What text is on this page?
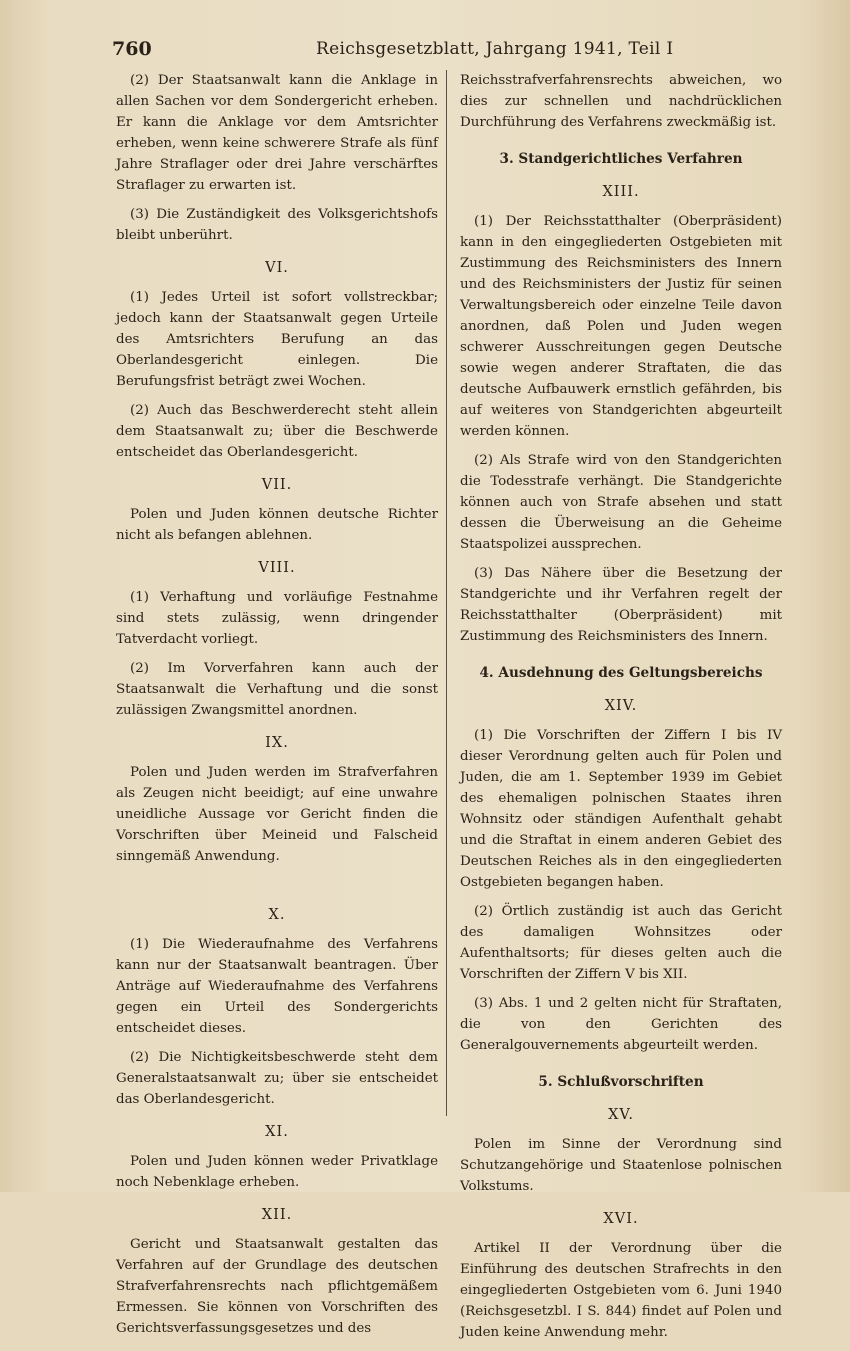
760	Reichsgesetzblatt, Jahrgang 1941, Teil I

(2) Der Staatsanwalt kann die Anklage in allen Sachen vor dem Sondergericht erheben. Er kann die Anklage vor dem Amtsrichter erheben, wenn keine schwerere Strafe als fünf Jahre Straflager oder drei Jahre verschärftes Straflager zu erwarten ist.

(3) Die Zuständigkeit des Volksgerichtshofs bleibt unberührt.

VI.

(1) Jedes Urteil ist sofort vollstreckbar; jedoch kann der Staatsanwalt gegen Urteile des Amtsrichters Berufung an das Oberlandesgericht einlegen. Die Berufungsfrist beträgt zwei Wochen.

(2) Auch das Beschwerderecht steht allein dem Staatsanwalt zu; über die Beschwerde entscheidet das Oberlandesgericht.

VII.

Polen und Juden können deutsche Richter nicht als befangen ablehnen.

VIII.

(1) Verhaftung und vorläufige Festnahme sind stets zulässig, wenn dringender Tatverdacht vorliegt.

(2) Im Vorverfahren kann auch der Staatsanwalt die Verhaftung und die sonst zulässigen Zwangsmittel anordnen.

IX.

Polen und Juden werden im Strafverfahren als Zeugen nicht beeidigt; auf eine unwahre uneidliche Aussage vor Gericht finden die Vorschriften über Meineid und Falscheid sinngemäß Anwendung.

X.

(1) Die Wiederaufnahme des Verfahrens kann nur der Staatsanwalt beantragen. Über Anträge auf Wiederaufnahme des Verfahrens gegen ein Urteil des Sondergerichts entscheidet dieses.

(2) Die Nichtigkeitsbeschwerde steht dem Generalstaatsanwalt zu; über sie entscheidet das Oberlandesgericht.

XI.

Polen und Juden können weder Privatklage noch Nebenklage erheben.

XII.

Gericht und Staatsanwalt gestalten das Verfahren auf der Grundlage des deutschen Strafverfahrensrechts nach pflichtgemäßem Ermessen. Sie können von Vorschriften des Gerichtsverfassungsgesetzes und des

Reichsstrafverfahrensrechts abweichen, wo dies zur schnellen und nachdrücklichen Durchführung des Verfahrens zweckmäßig ist.

3. Standgerichtliches Verfahren
XIII.

(1) Der Reichsstatthalter (Oberpräsident) kann in den eingegliederten Ostgebieten mit Zustimmung des Reichsministers des Innern und des Reichsministers der Justiz für seinen Verwaltungsbereich oder einzelne Teile davon anordnen, daß Polen und Juden wegen schwerer Ausschreitungen gegen Deutsche sowie wegen anderer Straftaten, die das deutsche Aufbauwerk ernstlich gefährden, bis auf weiteres von Standgerichten abgeurteilt werden können.

(2) Als Strafe wird von den Standgerichten die Todesstrafe verhängt. Die Standgerichte können auch von Strafe absehen und statt dessen die Überweisung an die Geheime Staatspolizei aussprechen.

(3) Das Nähere über die Besetzung der Standgerichte und ihr Verfahren regelt der Reichsstatthalter (Oberpräsident) mit Zustimmung des Reichsministers des Innern.

4. Ausdehnung des Geltungsbereichs
XIV.

(1) Die Vorschriften der Ziffern I bis IV dieser Verordnung gelten auch für Polen und Juden, die am 1. September 1939 im Gebiet des ehemaligen polnischen Staates ihren Wohnsitz oder ständigen Aufenthalt gehabt und die Straftat in einem anderen Gebiet des Deutschen Reiches als in den eingegliederten Ostgebieten begangen haben.

(2) Örtlich zuständig ist auch das Gericht des damaligen Wohnsitzes oder Aufenthaltsorts; für dieses gelten auch die Vorschriften der Ziffern V bis XII.

(3) Abs. 1 und 2 gelten nicht für Straftaten, die von den Gerichten des Generalgouvernements abgeurteilt werden.

5. Schlußvorschriften
XV.

Polen im Sinne der Verordnung sind Schutzangehörige und Staatenlose polnischen Volkstums.

XVI.

Artikel II der Verordnung über die Einführung des deutschen Strafrechts in den eingegliederten Ostgebieten vom 6. Juni 1940 (Reichsgesetzbl. I S. 844) findet auf Polen und Juden keine Anwendung mehr.
